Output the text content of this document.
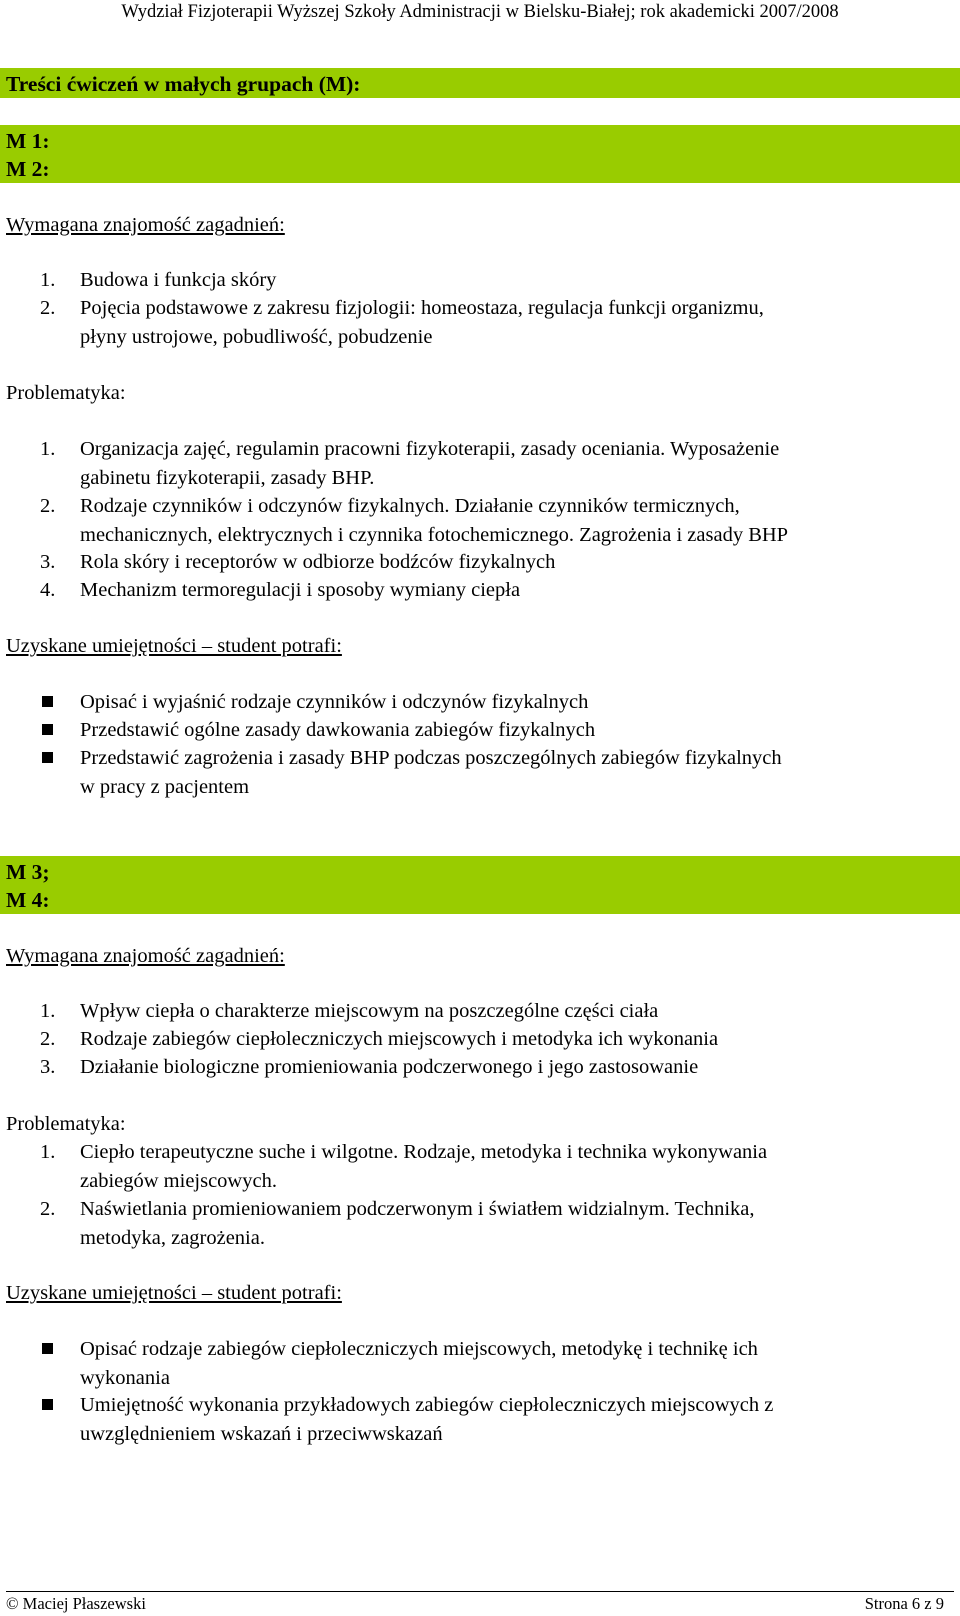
Wydział Fizjoterapii Wyższej Szkoły Administracji w Bielsku-Białej; rok akademicki 2007/2008
Treści ćwiczeń w małych grupach (M):
M 1:
M 2:
Wymagana znajomość zagadnień:
1.	Budowa i funkcja skóry
2.	Pojęcia podstawowe z zakresu fizjologii: homeostaza, regulacja funkcji organizmu,
płyny ustrojowe, pobudliwość, pobudzenie
Problematyka:
1.	Organizacja zajęć, regulamin pracowni fizykoterapii, zasady oceniania. Wyposażenie
gabinetu fizykoterapii, zasady BHP.
2.	Rodzaje czynników i odczynów fizykalnych. Działanie czynników termicznych,
mechanicznych, elektrycznych i czynnika fotochemicznego. Zagrożenia i zasady BHP
3.	Rola skóry i receptorów w odbiorze bodźców fizykalnych
4.	Mechanizm termoregulacji i sposoby wymiany ciepła
Uzyskane umiejętności – student potrafi:
Opisać i wyjaśnić rodzaje czynników i odczynów fizykalnych
Przedstawić ogólne zasady dawkowania zabiegów fizykalnych
Przedstawić zagrożenia i zasady BHP podczas poszczególnych zabiegów fizykalnych
w pracy z pacjentem
M 3;
M 4:
Wymagana znajomość zagadnień:
1.	Wpływ ciepła o charakterze miejscowym na poszczególne części ciała
2.	Rodzaje zabiegów ciepłoleczniczych miejscowych i metodyka ich wykonania
3.	Działanie biologiczne promieniowania podczerwonego i jego zastosowanie
Problematyka:
1.	Ciepło terapeutyczne suche i wilgotne. Rodzaje, metodyka i technika wykonywania
zabiegów miejscowych.
2.	Naświetlania promieniowaniem podczerwonym i światłem widzialnym. Technika,
metodyka, zagrożenia.
Uzyskane umiejętności – student potrafi:
Opisać rodzaje zabiegów ciepłoleczniczych miejscowych, metodykę i technikę ich
wykonania
Umiejętność wykonania przykładowych zabiegów ciepłoleczniczych miejscowych z
uwzględnieniem wskazań i przeciwwskazań
© Maciej Płaszewski	Strona 6 z 9
